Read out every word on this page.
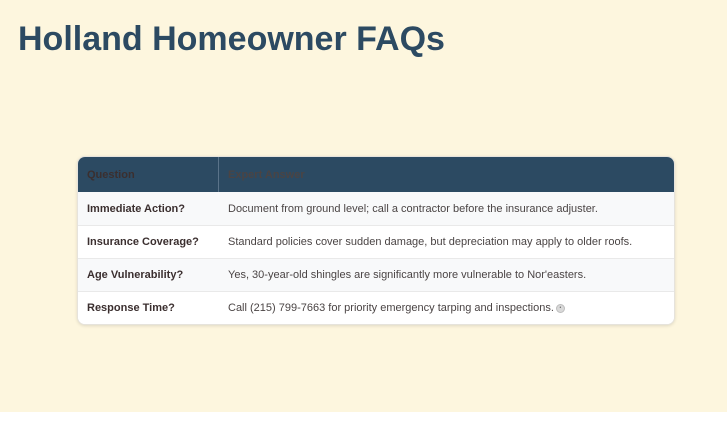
Holland Homeowner FAQs
Question	Expert Answer
Immediate Action?	Document from ground level; call a contractor before the insurance adjuster.
Insurance Coverage?	Standard policies cover sudden damage, but depreciation may apply to older roofs.
Age Vulnerability?	Yes, 30-year-old shingles are significantly more vulnerable to Nor'easters.
Response Time?	Call (215) 799-7663 for priority emergency tarping and inspections. •
